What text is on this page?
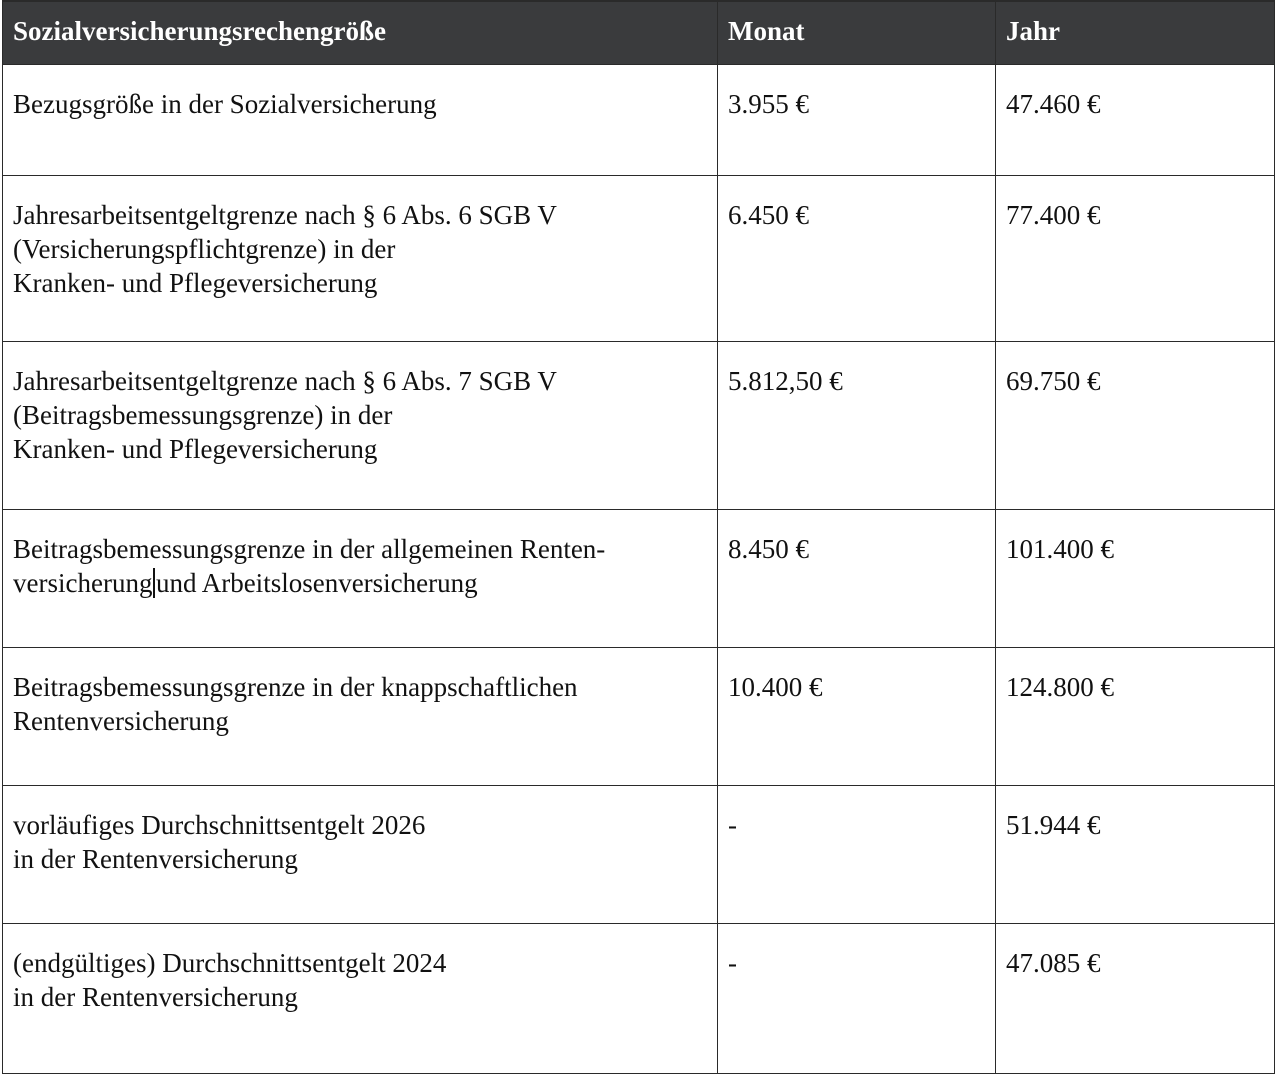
Sozialversicherungsrechengröße	Monat	Jahr

Bezugsgröße in der Sozialversicherung	3.955 €	47.460 €

Jahresarbeitsentgeltgrenze nach § 6 Abs. 6 SGB V
(Versicherungspflichtgrenze) in der
Kranken- und Pflegeversicherung	6.450 €	77.400 €

Jahresarbeitsentgeltgrenze nach § 6 Abs. 7 SGB V
(Beitragsbemessungsgrenze) in der
Kranken- und Pflegeversicherung	5.812,50 €	69.750 €

Beitragsbemessungsgrenze in der allgemeinen Renten-
versicherung und Arbeitslosenversicherung	8.450 €	101.400 €

Beitragsbemessungsgrenze in der knappschaftlichen
Rentenversicherung	10.400 €	124.800 €

vorläufiges Durchschnittsentgelt 2026
in der Rentenversicherung	-	51.944 €

(endgültiges) Durchschnittsentgelt 2024
in der Rentenversicherung	-	47.085 €
